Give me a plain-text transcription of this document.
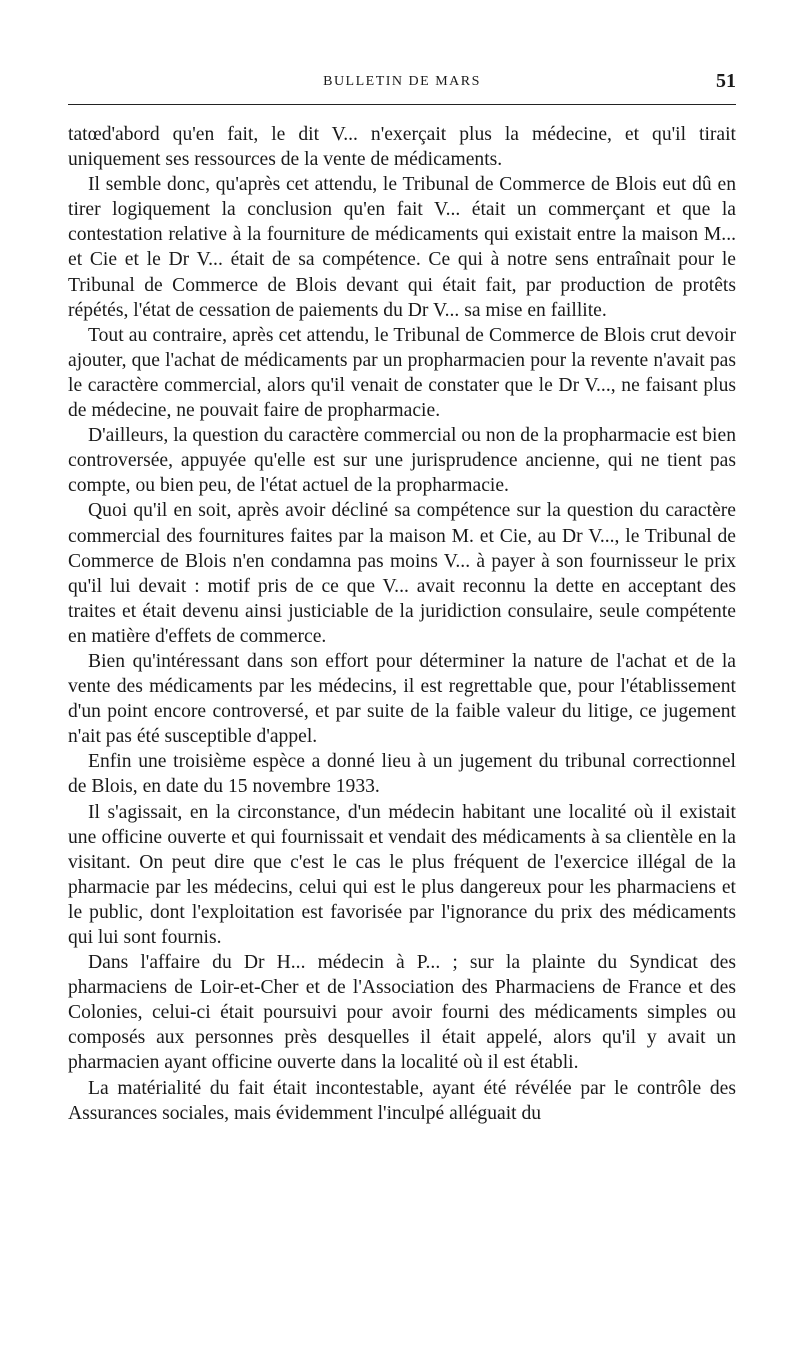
BULLETIN DE MARS	51

tatœd'abord qu'en fait, le dit V... n'exerçait plus la médecine, et qu'il tirait uniquement ses ressources de la vente de médicaments.

Il semble donc, qu'après cet attendu, le Tribunal de Commerce de Blois eut dû en tirer logiquement la conclusion qu'en fait V... était un commerçant et que la contestation relative à la fourniture de médicaments qui existait entre la maison M... et Cie et le Dr V... était de sa compétence. Ce qui à notre sens entraînait pour le Tribunal de Commerce de Blois devant qui était fait, par production de protêts répétés, l'état de cessation de paiements du Dr V... sa mise en faillite.

Tout au contraire, après cet attendu, le Tribunal de Commerce de Blois crut devoir ajouter, que l'achat de médicaments par un propharmacien pour la revente n'avait pas le caractère commercial, alors qu'il venait de constater que le Dr V..., ne faisant plus de médecine, ne pouvait faire de propharmacie.

D'ailleurs, la question du caractère commercial ou non de la propharmacie est bien controversée, appuyée qu'elle est sur une jurisprudence ancienne, qui ne tient pas compte, ou bien peu, de l'état actuel de la propharmacie.

Quoi qu'il en soit, après avoir décliné sa compétence sur la question du caractère commercial des fournitures faites par la maison M. et Cie, au Dr V..., le Tribunal de Commerce de Blois n'en condamna pas moins V... à payer à son fournisseur le prix qu'il lui devait : motif pris de ce que V... avait reconnu la dette en acceptant des traites et était devenu ainsi justiciable de la juridiction consulaire, seule compétente en matière d'effets de commerce.

Bien qu'intéressant dans son effort pour déterminer la nature de l'achat et de la vente des médicaments par les médecins, il est regrettable que, pour l'établissement d'un point encore controversé, et par suite de la faible valeur du litige, ce jugement n'ait pas été susceptible d'appel.

Enfin une troisième espèce a donné lieu à un jugement du tribunal correctionnel de Blois, en date du 15 novembre 1933.

Il s'agissait, en la circonstance, d'un médecin habitant une localité où il existait une officine ouverte et qui fournissait et vendait des médicaments à sa clientèle en la visitant. On peut dire que c'est le cas le plus fréquent de l'exercice illégal de la pharmacie par les médecins, celui qui est le plus dangereux pour les pharmaciens et le public, dont l'exploitation est favorisée par l'ignorance du prix des médicaments qui lui sont fournis.

Dans l'affaire du Dr H... médecin à P... ; sur la plainte du Syndicat des pharmaciens de Loir-et-Cher et de l'Association des Pharmaciens de France et des Colonies, celui-ci était poursuivi pour avoir fourni des médicaments simples ou composés aux personnes près desquelles il était appelé, alors qu'il y avait un pharmacien ayant officine ouverte dans la localité où il est établi.

La matérialité du fait était incontestable, ayant été révélée par le contrôle des Assurances sociales, mais évidemment l'inculpé alléguait du
